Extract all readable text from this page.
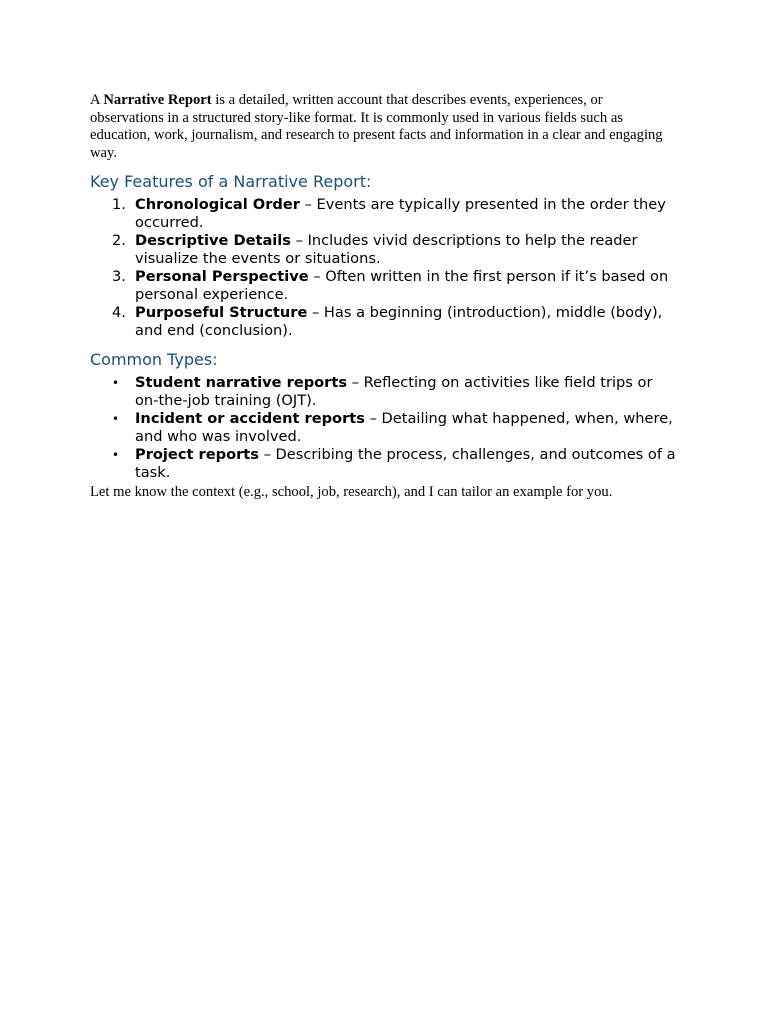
A Narrative Report is a detailed, written account that describes events, experiences, or observations in a structured story-like format. It is commonly used in various fields such as education, work, journalism, and research to present facts and information in a clear and engaging way.

Key Features of a Narrative Report:
1. Chronological Order – Events are typically presented in the order they occurred.
2. Descriptive Details – Includes vivid descriptions to help the reader visualize the events or situations.
3. Personal Perspective – Often written in the first person if it’s based on personal experience.
4. Purposeful Structure – Has a beginning (introduction), middle (body), and end (conclusion).
Common Types:
• Student narrative reports – Reflecting on activities like field trips or on-the-job training (OJT).
• Incident or accident reports – Detailing what happened, when, where, and who was involved.
• Project reports – Describing the process, challenges, and outcomes of a task.

Let me know the context (e.g., school, job, research), and I can tailor an example for you.
